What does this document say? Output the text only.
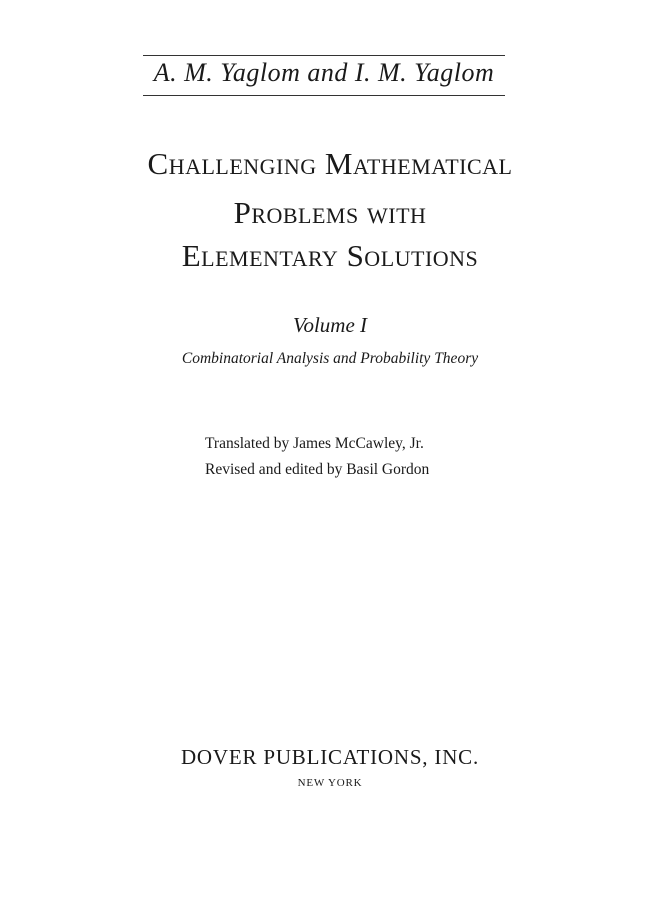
A. M. Yaglom and I. M. Yaglom
Challenging Mathematical
Problems with
Elementary Solutions
Volume I
Combinatorial Analysis and Probability Theory
Translated by James McCawley, Jr.
Revised and edited by Basil Gordon
DOVER PUBLICATIONS, INC.
NEW YORK
